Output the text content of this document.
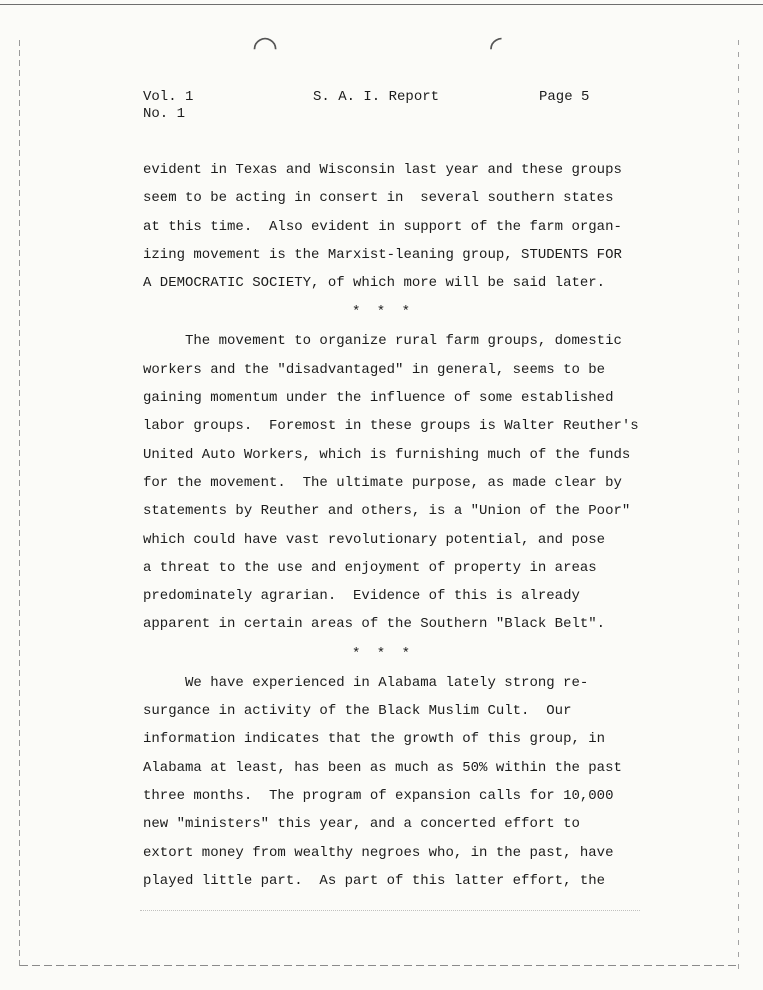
◠	◜
Vol. 1
No. 1
S. A. I. Report	Page 5
evident in Texas and Wisconsin last year and these groups
seem to be acting in consert in  several southern states
at this time.  Also evident in support of the farm organ-
izing movement is the Marxist-leaning group, STUDENTS FOR
A DEMOCRATIC SOCIETY, of which more will be said later.
* * *
The movement to organize rural farm groups, domestic
workers and the "disadvantaged" in general, seems to be
gaining momentum under the influence of some established
labor groups.  Foremost in these groups is Walter Reuther's
United Auto Workers, which is furnishing much of the funds
for the movement.  The ultimate purpose, as made clear by
statements by Reuther and others, is a "Union of the Poor"
which could have vast revolutionary potential, and pose
a threat to the use and enjoyment of property in areas
predominately agrarian.  Evidence of this is already
apparent in certain areas of the Southern "Black Belt".
* * *
We have experienced in Alabama lately strong re-
surgance in activity of the Black Muslim Cult.  Our
information indicates that the growth of this group, in
Alabama at least, has been as much as 50% within the past
three months.  The program of expansion calls for 10,000
new "ministers" this year, and a concerted effort to
extort money from wealthy negroes who, in the past, have
played little part.  As part of this latter effort, the
